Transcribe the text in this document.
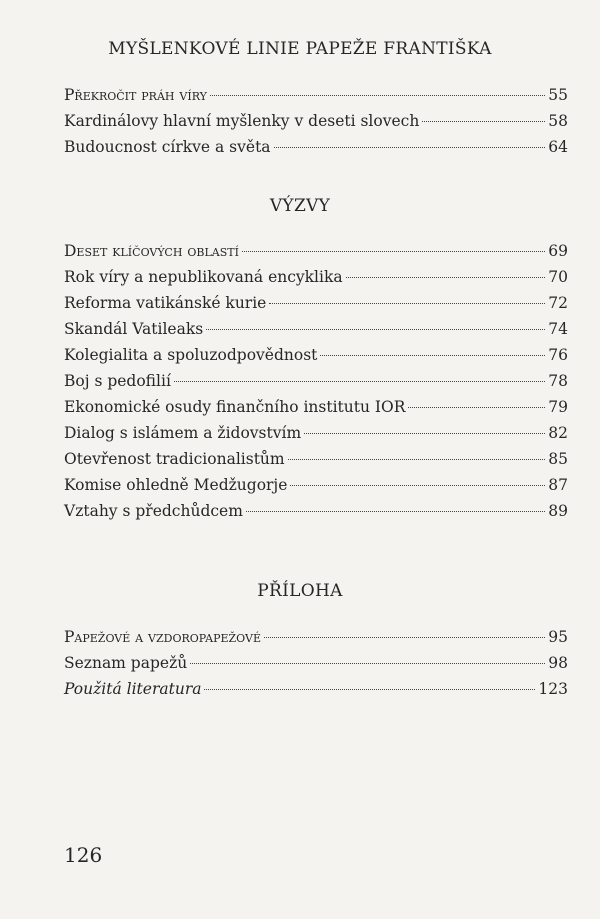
MYŠLENKOVÉ LINIE PAPEŽE FRANTIŠKA
Překročit práh víry	55
Kardinálovy hlavní myšlenky v deseti slovech	58
Budoucnost církve a světa	64
VÝZVY
Deset klíčových oblastí	69
Rok víry a nepublikovaná encyklika	70
Reforma vatikánské kurie	72
Skandál Vatileaks	74
Kolegialita a spoluzodpovědnost	76
Boj s pedofilií	78
Ekonomické osudy finančního institutu IOR	79
Dialog s islámem a židovstvím	82
Otevřenost tradicionalistům	85
Komise ohledně Medžugorje	87
Vztahy s předchůdcem	89
PŘÍLOHA
Papežové a vzdoropapežové	95
Seznam papežů	98
Použitá literatura	123
126
